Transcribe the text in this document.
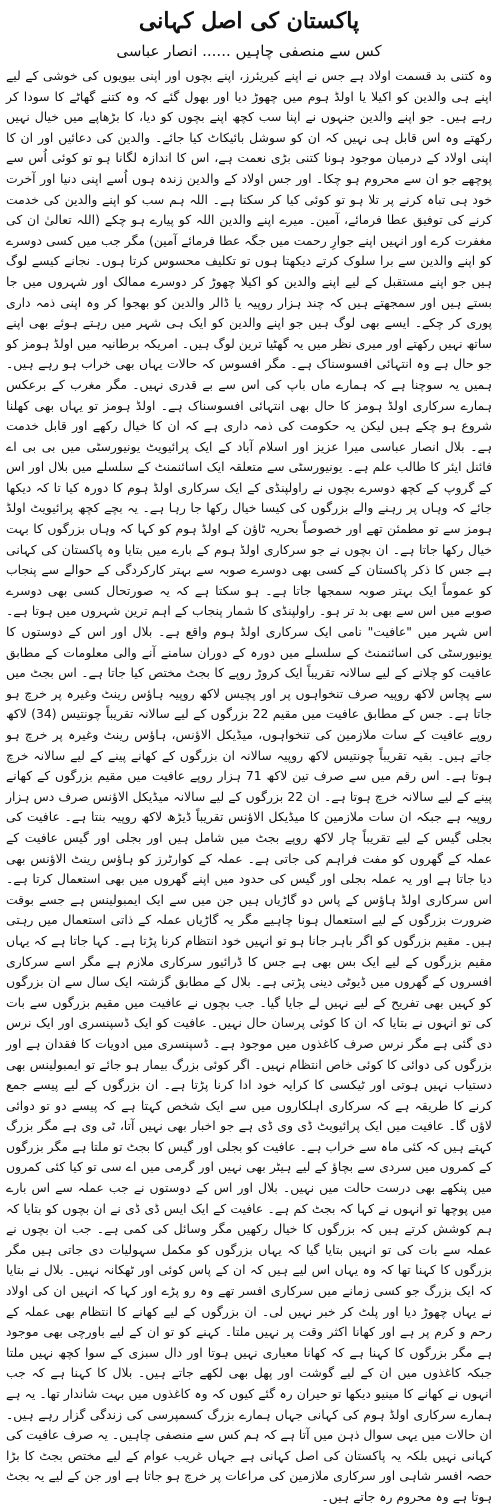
پاکستان کی اصل کہانی
کس سے منصفی چاہیں ...... انصار عباسی

وہ کتنی بد قسمت اولاد ہے جس نے اپنے کیریئرز، اپنے بچوں اور اپنی بیویوں کی خوشی کے لیے اپنے ہی والدین کو اکیلا یا اولڈ ہوم میں چھوڑ دیا اور بھول گئے کہ وہ کتنے گھاٹے کا سودا کر رہے ہیں۔ جو اپنے والدین جنہوں نے اپنا سب کچھ اپنے بچوں کو دیا، کا بڑھاپے میں خیال نہیں رکھتے وہ اس قابل ہی نہیں کہ ان کو سوشل بائیکاٹ کیا جائے۔ والدین کی دعائیں اور ان کا اپنی اولاد کے درمیان موجود ہونا کتنی بڑی نعمت ہے، اس کا اندازہ لگانا ہو تو کوئی اُس سے پوچھے جو ان سے محروم ہو چکا۔ اور جس اولاد کے والدین زندہ ہوں اُسے اپنی دنیا اور آخرت خود ہی تباہ کرنے پر تلا ہو تو کوئی کیا کر سکتا ہے۔ اللہ ہم سب کو اپنے والدین کی خدمت کرنے کی توفیق عطا فرمائے، آمین۔ میرے اپنے والدین اللہ کو پیارے ہو چکے (اللہ تعالیٰ ان کی مغفرت کرے اور انہیں اپنے جوارِ رحمت میں جگہ عطا فرمائے آمین) مگر جب میں کسی دوسرے کو اپنے والدین سے برا سلوک کرتے دیکھتا ہوں تو تکلیف محسوس کرتا ہوں۔ نجانے کیسے لوگ ہیں جو اپنے مستقبل کے لیے اپنے والدین کو اکیلا چھوڑ کر دوسرے ممالک اور شہروں میں جا بستے ہیں اور سمجھتے ہیں کہ چند ہزار روپیہ یا ڈالر والدین کو بھجوا کر وہ اپنی ذمہ داری پوری کر چکے۔ ایسے بھی لوگ ہیں جو اپنے والدین کو ایک ہی شہر میں رہتے ہوئے بھی اپنے ساتھ نہیں رکھتے اور میری نظر میں یہ گھٹیا ترین لوگ ہیں۔ امریکہ برطانیہ میں اولڈ ہومز کو جو حال ہے وہ انتہائی افسوسناک ہے۔ مگر افسوس کہ حالات یہاں بھی خراب ہو رہے ہیں۔ ہمیں یہ سوچنا ہے کہ ہمارے ماں باپ کی اس سے بے قدری نہیں۔ مگر مغرب کے برعکس ہمارے سرکاری اولڈ ہومز کا حال بھی انتہائی افسوسناک ہے۔ اولڈ ہومز تو یہاں بھی کھلنا شروع ہو چکے ہیں لیکن یہ حکومت کی ذمہ داری ہے کہ ان کا خیال رکھے اور قابل خدمت ہے۔ بلال انصار عباسی میرا عزیز اور اسلام آباد کے ایک پرائیویٹ یونیورسٹی میں بی بی اے فائنل ایئر کا طالب علم ہے۔ یونیورسٹی سے متعلقہ ایک اسائنمنٹ کے سلسلے میں بلال اور اس کے گروپ کے کچھ دوسرے بچوں نے راولپنڈی کے ایک سرکاری اولڈ ہوم کا دورہ کیا تا کہ دیکھا جائے کہ وہاں پر رہنے والے بزرگوں کی کیسا خیال رکھا جا رہا ہے۔ یہ بچے کچھ پرائیویٹ اولڈ ہومز سے تو مطمئن تھے اور خصوصاً بحریہ ٹاؤن کے اولڈ ہوم کو کہا کہ وہاں بزرگوں کا بہت خیال رکھا جاتا ہے۔ ان بچوں نے جو سرکاری اولڈ ہوم کے بارے میں بتایا وہ پاکستان کی کہانی ہے جس کا ذکر پاکستان کے کسی بھی دوسرے صوبہ سے بہتر کارکردگی کے حوالے سے پنجاب کو عموماً ایک بہتر صوبہ سمجھا جاتا ہے۔ ہو سکتا ہے کہ یہ صورتحال کسی بھی دوسرے صوبے میں اس سے بھی بد تر ہو۔ راولپنڈی کا شمار پنجاب کے اہم ترین شہروں میں ہوتا ہے۔ اس شہر میں "عافیت" نامی ایک سرکاری اولڈ ہوم واقع ہے۔ بلال اور اس کے دوستوں کا یونیورسٹی کی اسائنمنٹ کے سلسلے میں دورہ کے دوران سامنے آنے والی معلومات کے مطابق عافیت کو چلانے کے لیے سالانہ تقریباً ایک کروڑ روپے کا بجٹ مختص کیا جاتا ہے۔ اس بجٹ میں سے پچاس لاکھ روپیہ صرف تنخواہوں پر اور پچیس لاکھ روپیہ ہاؤس رینٹ وغیرہ پر خرچ ہو جاتا ہے۔ جس کے مطابق عافیت میں مقیم 22 بزرگوں کے لیے سالانہ تقریباً چونتیس (34) لاکھ روپے عافیت کے سات ملازمین کی تنخواہوں، میڈیکل الاؤنس، ہاؤس رینٹ وغیرہ پر خرچ ہو جاتے ہیں۔ بقیہ تقریباً چونتیس لاکھ روپیہ سالانہ ان بزرگوں کے کھانے پینے کے لیے سالانہ خرچ ہوتا ہے۔ اس رقم میں سے صرف تین لاکھ 71 ہزار روپے عافیت میں مقیم بزرگوں کے کھانے پینے کے لیے سالانہ خرچ ہوتا ہے۔ ان 22 بزرگوں کے لیے سالانہ میڈیکل الاؤنس صرف دس ہزار روپیہ ہے جبکہ ان سات ملازمین کا میڈیکل الاؤنس تقریباً ڈیڑھ لاکھ روپیہ بنتا ہے۔ عافیت کی بجلی گیس کے لیے تقریباً چار لاکھ روپے بجٹ میں شامل ہیں اور بجلی اور گیس عافیت کے عملہ کے گھروں کو مفت فراہم کی جاتی ہے۔ عملہ کے کوارٹرز کو ہاؤس رینٹ الاؤنس بھی دیا جاتا ہے اور یہ عملہ بجلی اور گیس کی حدود میں اپنے گھروں میں بھی استعمال کرتا ہے۔ اس سرکاری اولڈ ہاؤس کے پاس دو گاڑیاں ہیں جن میں سے ایک ایمبولینس ہے جسے بوقت ضرورت بزرگوں کے لیے استعمال ہونا چاہیے مگر یہ گاڑیاں عملہ کے ذاتی استعمال میں رہتی ہیں۔ مقیم بزرگوں کو اگر باہر جانا ہو تو انہیں خود انتظام کرنا پڑتا ہے۔ کہا جاتا ہے کہ یہاں مقیم بزرگوں کے لیے ایک بس بھی ہے جس کا ڈرائیور سرکاری ملازم ہے مگر اسے سرکاری افسروں کے گھروں میں ڈیوٹی دینی پڑتی ہے۔ بلال کے مطابق گزشتہ ایک سال سے ان بزرگوں کو کہیں بھی تفریح کے لیے نہیں لے جایا گیا۔ جب بچوں نے عافیت میں مقیم بزرگوں سے بات کی تو انہوں نے بتایا کہ ان کا کوئی پرسان حال نہیں۔ عافیت کو ایک ڈسپنسری اور ایک نرس دی گئی ہے مگر نرس صرف کاغذوں میں موجود ہے۔ ڈسپنسری میں ادویات کا فقدان ہے اور بزرگوں کی دوائی کا کوئی خاص انتظام نہیں۔ اگر کوئی بزرگ بیمار ہو جائے تو ایمبولینس بھی دستیاب نہیں ہوتی اور ٹیکسی کا کرایہ خود ادا کرنا پڑتا ہے۔ ان بزرگوں کے لیے پیسے جمع کرنے کا طریقہ ہے کہ سرکاری اہلکاروں میں سے ایک شخص کہتا ہے کہ پیسے دو تو دوائی لاؤں گا۔ عافیت میں ایک پرائیویٹ ڈی وی ڈی ہے جو اخبار بھی نہیں آتا، ٹی وی ہے مگر بزرگ کہتے ہیں کہ کئی ماہ سے خراب ہے۔ عافیت کو بجلی اور گیس کا بجٹ تو ملتا ہے مگر بزرگوں کے کمروں میں سردی سے بچاؤ کے لیے ہیٹر بھی نہیں اور گرمی میں اے سی تو کیا کئی کمروں میں پنکھے بھی درست حالت میں نہیں۔ بلال اور اس کے دوستوں نے جب عملہ سے اس بارے میں پوچھا تو انہوں نے کہا کہ بجٹ کم ہے۔ عافیت کے ایک ایس ڈی ڈی نے ان بچوں کو بتایا کہ ہم کوشش کرتے ہیں کہ بزرگوں کا خیال رکھیں مگر وسائل کی کمی ہے۔ جب ان بچوں نے عملہ سے بات کی تو انہیں بتایا گیا کہ یہاں بزرگوں کو مکمل سہولیات دی جاتی ہیں مگر بزرگوں کا کہنا تھا کہ وہ یہاں اس لیے ہیں کہ ان کے پاس کوئی اور ٹھکانہ نہیں۔ بلال نے بتایا کہ ایک بزرگ جو کسی زمانے میں سرکاری افسر تھے وہ رو پڑے اور کہا کہ انہیں ان کی اولاد نے یہاں چھوڑ دیا اور پلٹ کر خبر نہیں لی۔ ان بزرگوں کے لیے کھانے کا انتظام بھی عملہ کے رحم و کرم پر ہے اور کھانا اکثر وقت پر نہیں ملتا۔ کہنے کو تو ان کے لیے باورچی بھی موجود ہے مگر بزرگوں کا کہنا ہے کہ کھانا معیاری نہیں ہوتا اور دال سبزی کے سوا کچھ نہیں ملتا جبکہ کاغذوں میں ان کے لیے گوشت اور پھل بھی لکھے جاتے ہیں۔ بلال کا کہنا ہے کہ جب انہوں نے کھانے کا مینیو دیکھا تو حیران رہ گئے کیوں کہ وہ کاغذوں میں بہت شاندار تھا۔ یہ ہے ہمارے سرکاری اولڈ ہوم کی کہانی جہاں ہمارے بزرگ کسمپرسی کی زندگی گزار رہے ہیں۔ ان حالات میں یہی سوال ذہن میں آتا ہے کہ ہم کس سے منصفی چاہیں۔ یہ صرف عافیت کی کہانی نہیں بلکہ یہ پاکستان کی اصل کہانی ہے جہاں غریب عوام کے لیے مختص بجٹ کا بڑا حصہ افسر شاہی اور سرکاری ملازمین کی مراعات پر خرچ ہو جاتا ہے اور جن کے لیے یہ بجٹ ہوتا ہے وہ محروم رہ جاتے ہیں۔
